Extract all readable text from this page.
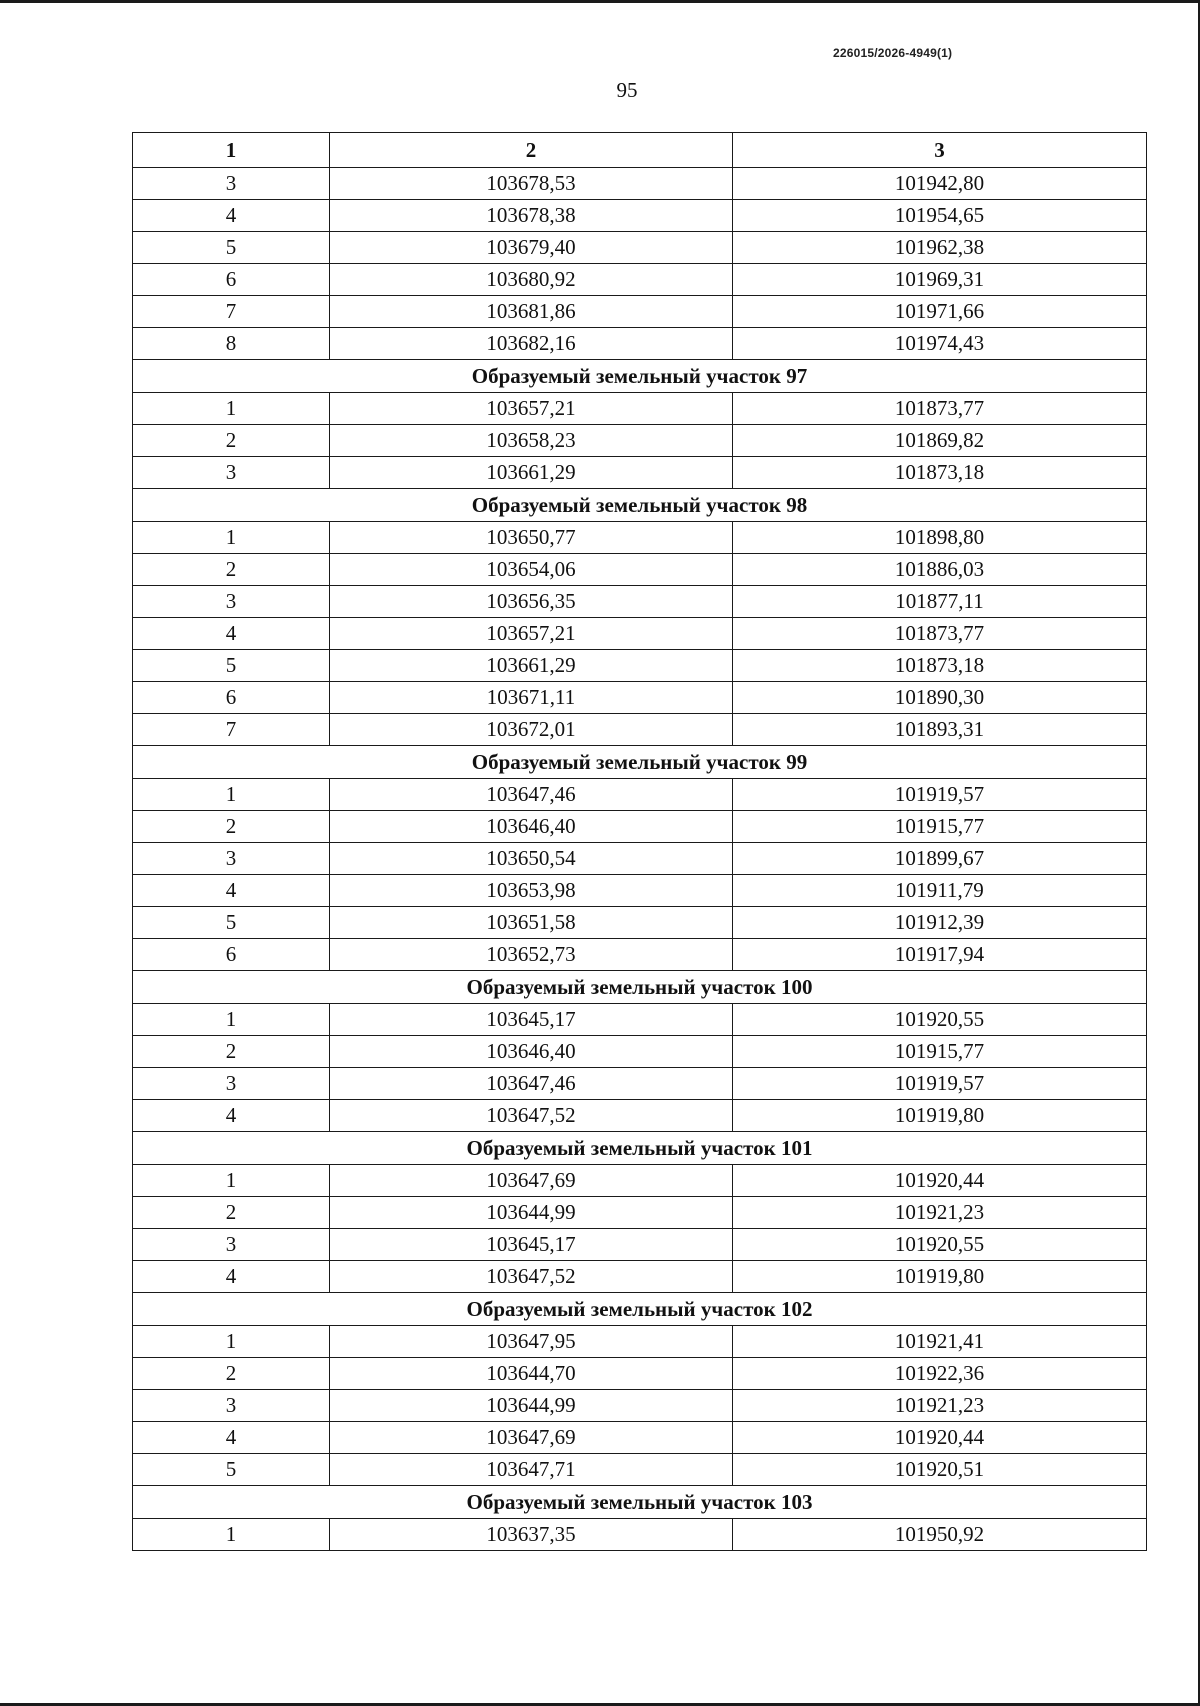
226015/2026-4949(1)
95
1	2	3
3	103678,53	101942,80
4	103678,38	101954,65
5	103679,40	101962,38
6	103680,92	101969,31
7	103681,86	101971,66
8	103682,16	101974,43
Образуемый земельный участок 97		
1	103657,21	101873,77
2	103658,23	101869,82
3	103661,29	101873,18
Образуемый земельный участок 98		
1	103650,77	101898,80
2	103654,06	101886,03
3	103656,35	101877,11
4	103657,21	101873,77
5	103661,29	101873,18
6	103671,11	101890,30
7	103672,01	101893,31
Образуемый земельный участок 99		
1	103647,46	101919,57
2	103646,40	101915,77
3	103650,54	101899,67
4	103653,98	101911,79
5	103651,58	101912,39
6	103652,73	101917,94
Образуемый земельный участок 100		
1	103645,17	101920,55
2	103646,40	101915,77
3	103647,46	101919,57
4	103647,52	101919,80
Образуемый земельный участок 101		
1	103647,69	101920,44
2	103644,99	101921,23
3	103645,17	101920,55
4	103647,52	101919,80
Образуемый земельный участок 102		
1	103647,95	101921,41
2	103644,70	101922,36
3	103644,99	101921,23
4	103647,69	101920,44
5	103647,71	101920,51
Образуемый земельный участок 103		
1	103637,35	101950,92
